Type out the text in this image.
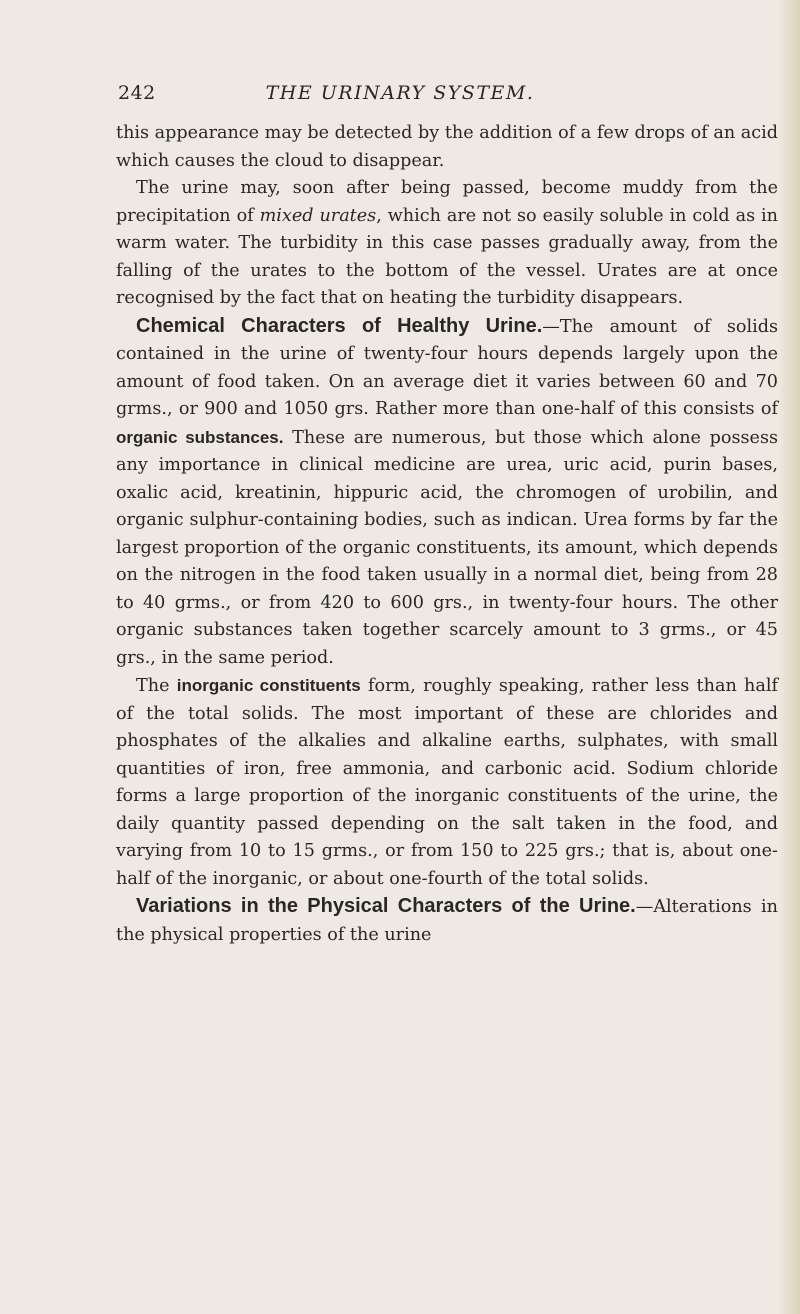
242	THE URINARY SYSTEM.

this appearance may be detected by the addition of a few drops of an acid which causes the cloud to disappear.

The urine may, soon after being passed, become muddy from the precipitation of mixed urates, which are not so easily soluble in cold as in warm water. The turbidity in this case passes gradually away, from the falling of the urates to the bottom of the vessel. Urates are at once recognised by the fact that on heating the turbidity disappears.

Chemical Characters of Healthy Urine.—The amount of solids contained in the urine of twenty-four hours depends largely upon the amount of food taken. On an average diet it varies between 60 and 70 grms., or 900 and 1050 grs. Rather more than one-half of this consists of organic substances. These are numerous, but those which alone possess any importance in clinical medicine are urea, uric acid, purin bases, oxalic acid, kreatinin, hippuric acid, the chromogen of urobilin, and organic sulphur-containing bodies, such as indican. Urea forms by far the largest proportion of the organic constituents, its amount, which depends on the nitrogen in the food taken usually in a normal diet, being from 28 to 40 grms., or from 420 to 600 grs., in twenty-four hours. The other organic substances taken together scarcely amount to 3 grms., or 45 grs., in the same period.

The inorganic constituents form, roughly speaking, rather less than half of the total solids. The most important of these are chlorides and phosphates of the alkalies and alkaline earths, sulphates, with small quantities of iron, free ammonia, and carbonic acid. Sodium chloride forms a large proportion of the inorganic constituents of the urine, the daily quantity passed depending on the salt taken in the food, and varying from 10 to 15 grms., or from 150 to 225 grs.; that is, about one-half of the inorganic, or about one-fourth of the total solids.

Variations in the Physical Characters of the Urine.—Alterations in the physical properties of the urine
